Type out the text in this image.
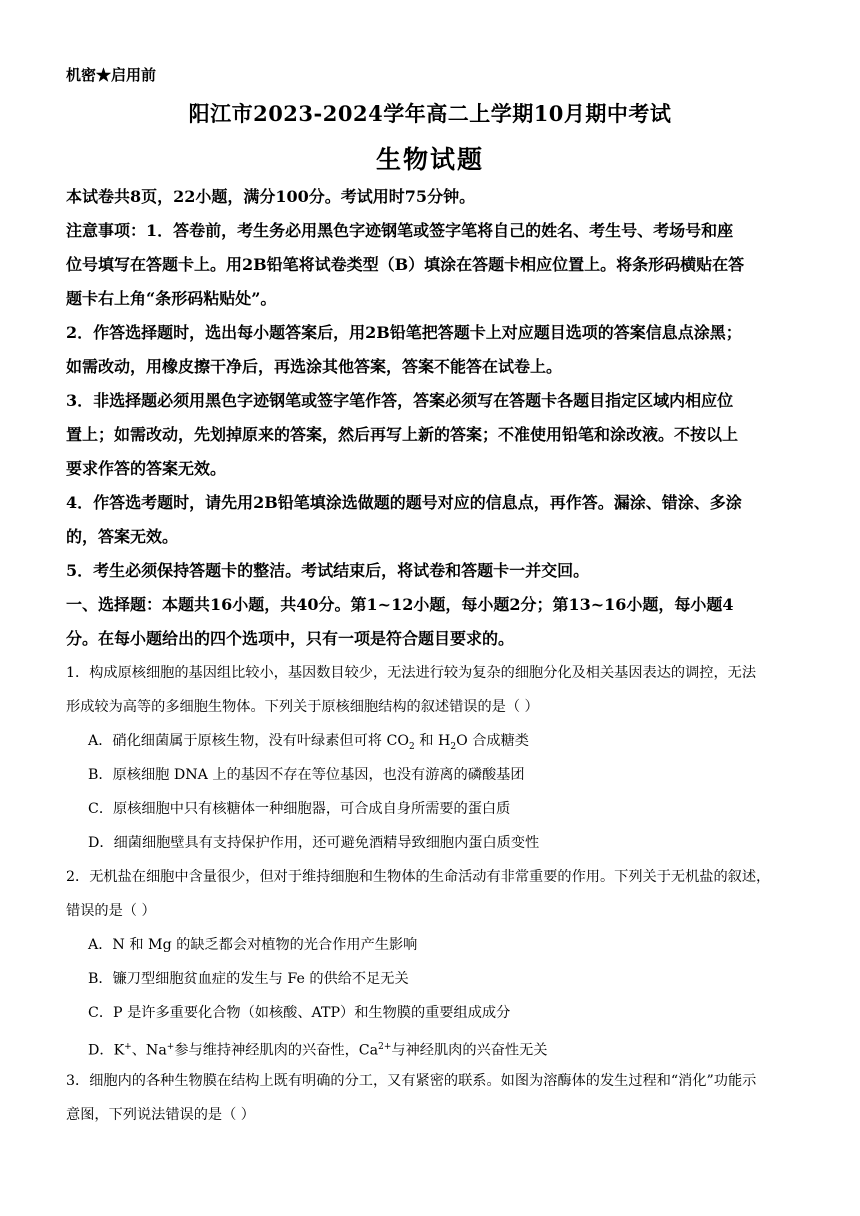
机密★启用前
阳江市2023-2024学年高二上学期10月期中考试
生物试题
本试卷共8页，22小题，满分100分。考试用时75分钟。
注意事项：1．答卷前，考生务必用黑色字迹钢笔或签字笔将自己的姓名、考生号、考场号和座
位号填写在答题卡上。用2B铅笔将试卷类型（B）填涂在答题卡相应位置上。将条形码横贴在答
题卡右上角“条形码粘贴处”。
2．作答选择题时，选出每小题答案后，用2B铅笔把答题卡上对应题目选项的答案信息点涂黑；
如需改动，用橡皮擦干净后，再选涂其他答案，答案不能答在试卷上。
3．非选择题必须用黑色字迹钢笔或签字笔作答，答案必须写在答题卡各题目指定区域内相应位
置上；如需改动，先划掉原来的答案，然后再写上新的答案；不准使用铅笔和涂改液。不按以上
要求作答的答案无效。
4．作答选考题时，请先用2B铅笔填涂选做题的题号对应的信息点，再作答。漏涂、错涂、多涂
的，答案无效。
5．考生必须保持答题卡的整洁。考试结束后，将试卷和答题卡一并交回。
一、选择题：本题共16小题，共40分。第1~12小题，每小题2分；第13~16小题，每小题4
分。在每小题给出的四个选项中，只有一项是符合题目要求的。
1．构成原核细胞的基因组比较小，基因数目较少，无法进行较为复杂的细胞分化及相关基因表达的调控，无法
形成较为高等的多细胞生物体。下列关于原核细胞结构的叙述错误的是（ ）
A．硝化细菌属于原核生物，没有叶绿素但可将 $CO_2$ 和 $H_2O$ 合成糖类
B．原核细胞 DNA 上的基因不存在等位基因，也没有游离的磷酸基团
C．原核细胞中只有核糖体一种细胞器，可合成自身所需要的蛋白质
D．细菌细胞壁具有支持保护作用，还可避免酒精导致细胞内蛋白质变性
2．无机盐在细胞中含量很少，但对于维持细胞和生物体的生命活动有非常重要的作用。下列关于无机盐的叙述，
错误的是（ ）
A．N 和 Mg 的缺乏都会对植物的光合作用产生影响
B．镰刀型细胞贫血症的发生与 Fe 的供给不足无关
C．P 是许多重要化合物（如核酸、ATP）和生物膜的重要组成成分
D．K+、Na+参与维持神经肌肉的兴奋性，$Ca^{2+}$与神经肌肉的兴奋性无关
3．细胞内的各种生物膜在结构上既有明确的分工，又有紧密的联系。如图为溶酶体的发生过程和“消化”功能示
意图，下列说法错误的是（ ）
